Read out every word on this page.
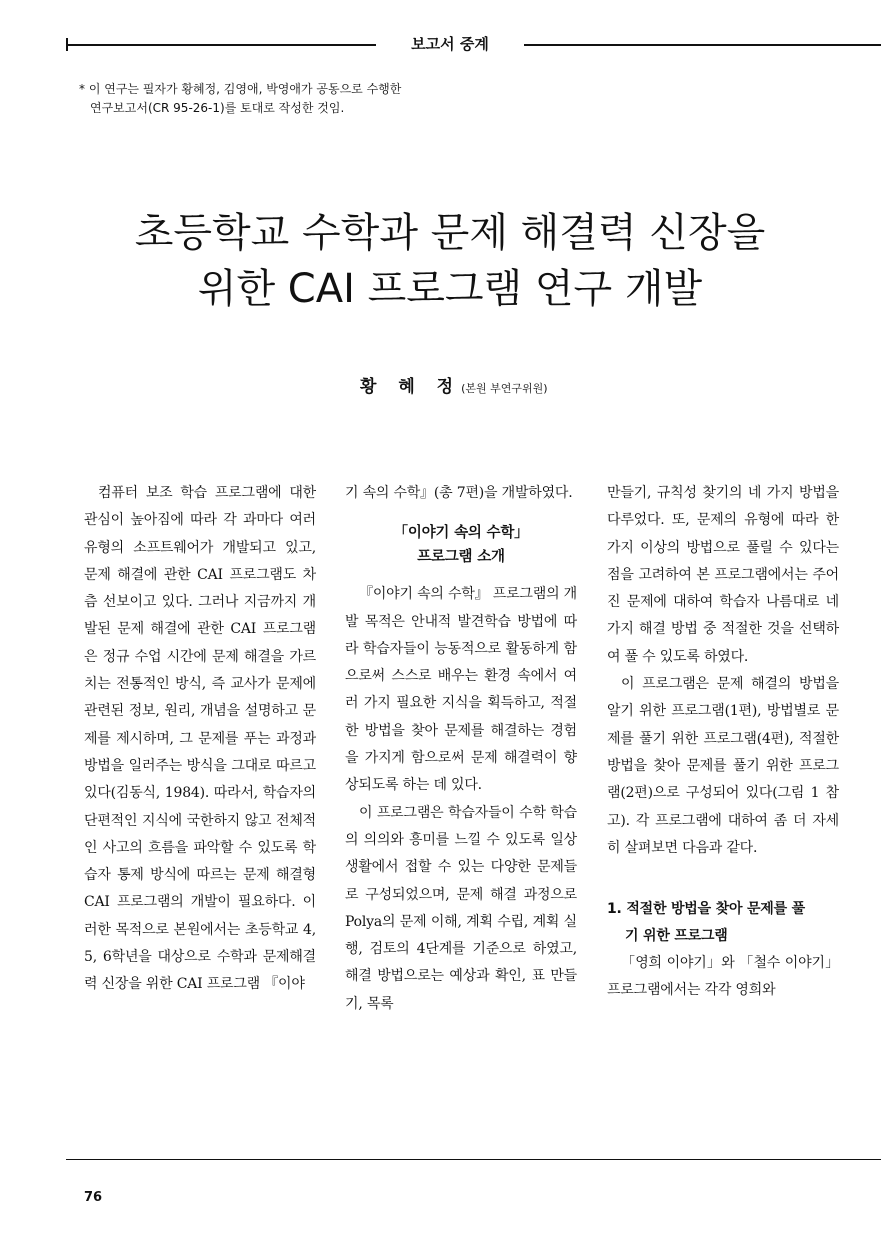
보고서 중계
* 이 연구는 필자가 황혜정, 김영애, 박영애가 공동으로 수행한
연구보고서(CR 95-26-1)를 토대로 작성한 것임.
초등학교 수학과 문제 해결력 신장을
위한 CAI 프로그램 연구 개발
황 혜 정(본원 부연구위원)

컴퓨터 보조 학습 프로그램에 대한 관심이 높아짐에 따라 각 과마다 여러 유형의 소프트웨어가 개발되고 있고, 문제 해결에 관한 CAI 프로그램도 차츰 선보이고 있다. 그러나 지금까지 개발된 문제 해결에 관한 CAI 프로그램은 정규 수업 시간에 문제 해결을 가르치는 전통적인 방식, 즉 교사가 문제에 관련된 정보, 원리, 개념을 설명하고 문제를 제시하며, 그 문제를 푸는 과정과 방법을 일러주는 방식을 그대로 따르고 있다(김동식, 1984). 따라서, 학습자의 단편적인 지식에 국한하지 않고 전체적인 사고의 흐름을 파악할 수 있도록 학습자 통제 방식에 따르는 문제 해결형 CAI 프로그램의 개발이 필요하다. 이러한 목적으로 본원에서는 초등학교 4, 5, 6학년을 대상으로 수학과 문제해결력 신장을 위한 CAI 프로그램 『이야

기 속의 수학』(총 7편)을 개발하였다.

「이야기 속의 수학」
프로그램 소개

『이야기 속의 수학』 프로그램의 개발 목적은 안내적 발견학습 방법에 따라 학습자들이 능동적으로 활동하게 함으로써 스스로 배우는 환경 속에서 여러 가지 필요한 지식을 획득하고, 적절한 방법을 찾아 문제를 해결하는 경험을 가지게 함으로써 문제 해결력이 향상되도록 하는 데 있다.

이 프로그램은 학습자들이 수학 학습의 의의와 흥미를 느낄 수 있도록 일상 생활에서 접할 수 있는 다양한 문제들로 구성되었으며, 문제 해결 과정으로 Polya의 문제 이해, 계획 수립, 계획 실행, 검토의 4단계를 기준으로 하였고, 해결 방법으로는 예상과 확인, 표 만들기, 목록

만들기, 규칙성 찾기의 네 가지 방법을 다루었다. 또, 문제의 유형에 따라 한 가지 이상의 방법으로 풀릴 수 있다는 점을 고려하여 본 프로그램에서는 주어진 문제에 대하여 학습자 나름대로 네 가지 해결 방법 중 적절한 것을 선택하여 풀 수 있도록 하였다.

이 프로그램은 문제 해결의 방법을 알기 위한 프로그램(1편), 방법별로 문제를 풀기 위한 프로그램(4편), 적절한 방법을 찾아 문제를 풀기 위한 프로그램(2편)으로 구성되어 있다(그림 1 참고). 각 프로그램에 대하여 좀 더 자세히 살펴보면 다음과 같다.

1. 적절한 방법을 찾아 문제를 풀
기 위한 프로그램

「영희 이야기」와 「철수 이야기」 프로그램에서는 각각 영희와

76
